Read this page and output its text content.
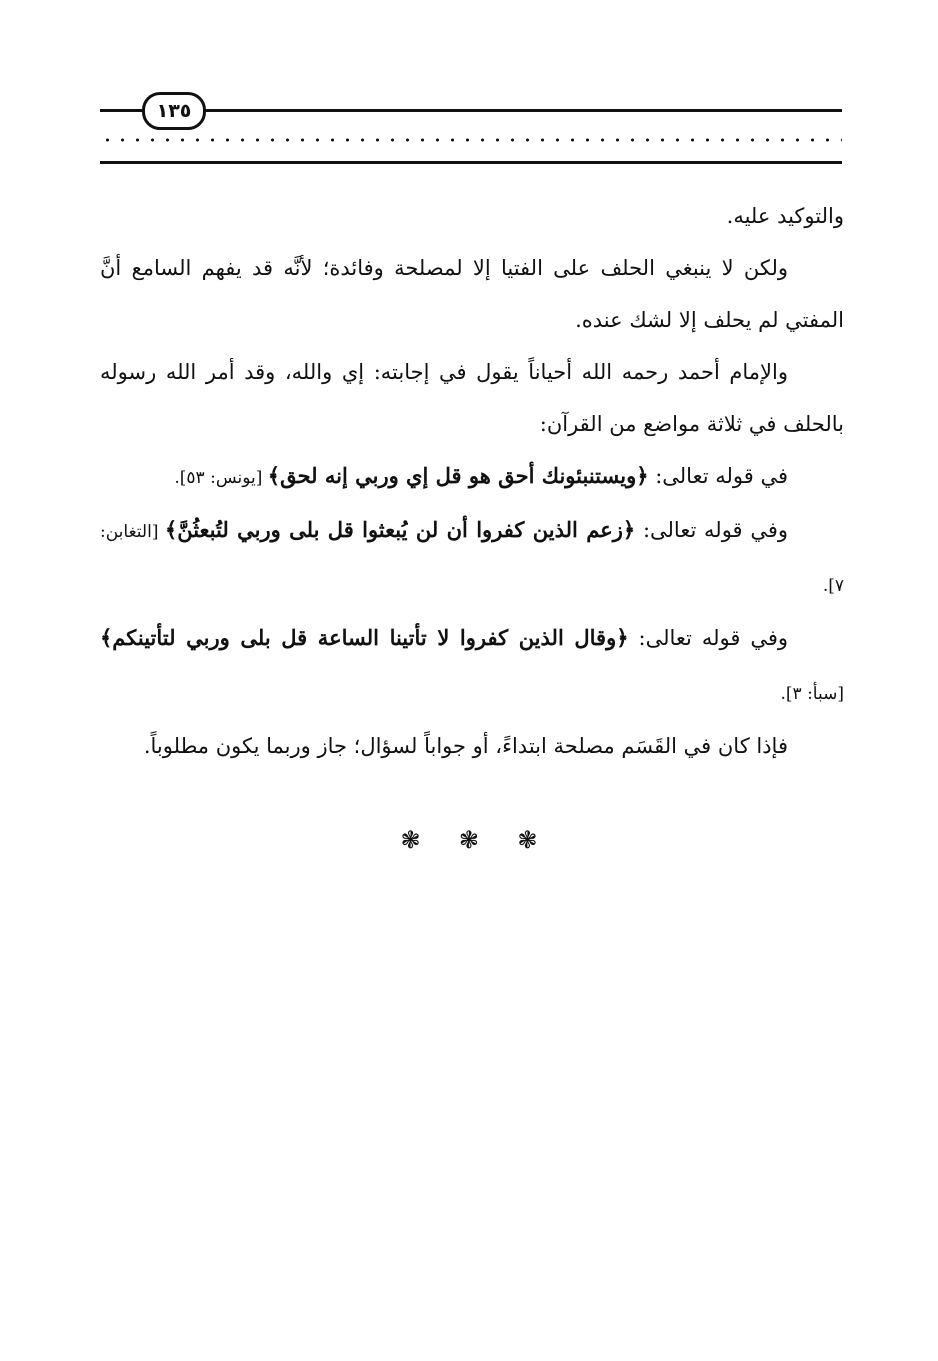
١٣٥

والتوكيد عليه.

ولكن لا ينبغي الحلف على الفتيا إلا لمصلحة وفائدة؛ لأنَّه قد يفهم السامع أنَّ المفتي لم يحلف إلا لشك عنده.

والإمام أحمد رحمه الله أحياناً يقول في إجابته: إي والله، وقد أمر الله رسوله بالحلف في ثلاثة مواضع من القرآن:

في قوله تعالى: ﴿ويستنبئونك أحق هو قل إي وربي إنه لحق﴾ [يونس: ٥٣].

وفي قوله تعالى: ﴿زعم الذين كفروا أن لن يُبعثوا قل بلى وربي لتُبعثُنَّ﴾ [التغابن: ٧].

وفي قوله تعالى: ﴿وقال الذين كفروا لا تأتينا الساعة قل بلى وربي لتأتينكم﴾ [سبأ: ٣].

فإذا كان في القَسَم مصلحة ابتداءً، أو جواباً لسؤال؛ جاز وربما يكون مطلوباً.

❃ ❃ ❃
